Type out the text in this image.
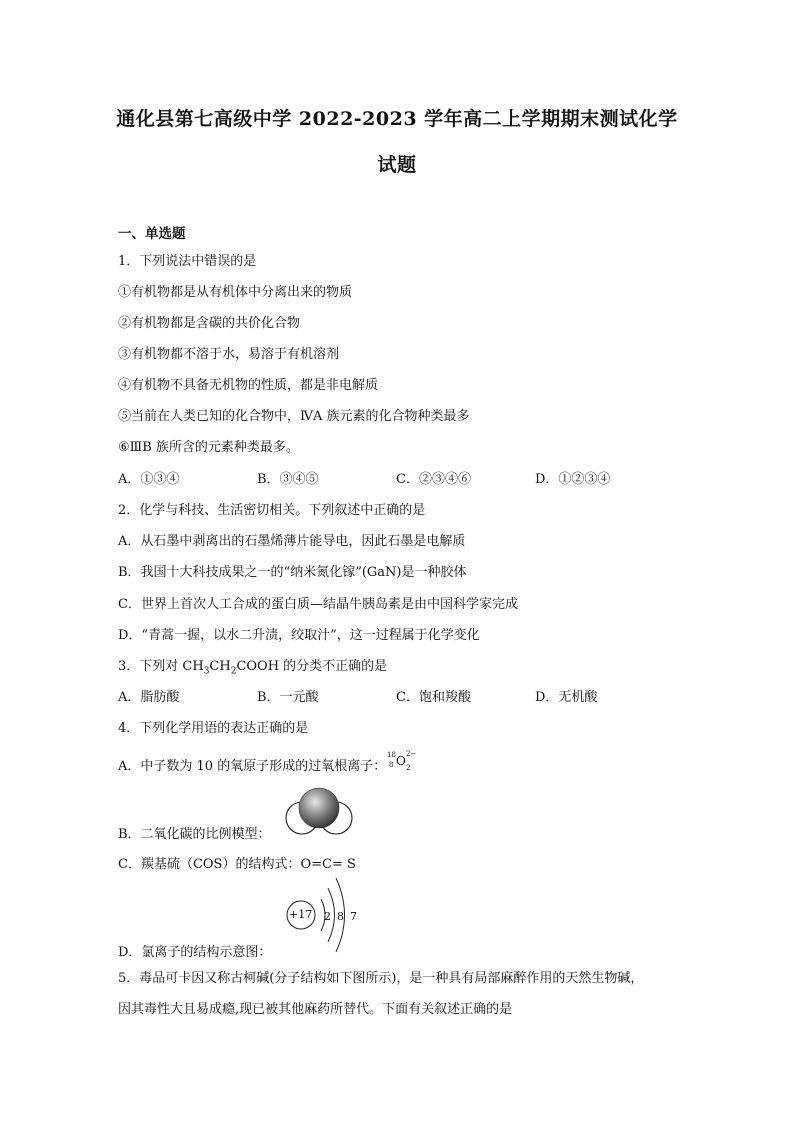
通化县第七高级中学 2022-2023 学年高二上学期期末测试化学
试题
一、单选题
1．下列说法中错误的是
①有机物都是从有机体中分离出来的物质
②有机物都是含碳的共价化合物
③有机物都不溶于水，易溶于有机溶剂
④有机物不具备无机物的性质，都是非电解质
⑤当前在人类已知的化合物中，ⅣA 族元素的化合物种类最多
⑥ⅢB 族所含的元素种类最多。
A．①③④	B．③④⑤	C．②③④⑥	D．①②③④
2．化学与科技、生活密切相关。下列叙述中正确的是
A．从石墨中剥离出的石墨烯薄片能导电，因此石墨是电解质
B．我国十大科技成果之一的“纳米氮化镓”(GaN)是一种胶体
C．世界上首次人工合成的蛋白质—结晶牛胰岛素是由中国科学家完成
D．“青蒿一握，以水二升渍，绞取汁”，这一过程属于化学变化
3．下列对 $CH_3CH_2COOH$ 的分类不正确的是
A．脂肪酸	B．一元酸	C．饱和羧酸	D．无机酸
4．下列化学用语的表达正确的是
A．中子数为 10 的氧原子形成的过氧根离子：
18
8 O 2
2−
B．二氧化碳的比例模型：
C．羰基硫（COS）的结构式：O=C= S
+17 2 8 7
D．氯离子的结构示意图：
5．毒品可卡因又称古柯碱(分子结构如下图所示)，是一种具有局部麻醉作用的天然生物碱，
因其毒性大且易成瘾,现已被其他麻药所替代。下面有关叙述正确的是
